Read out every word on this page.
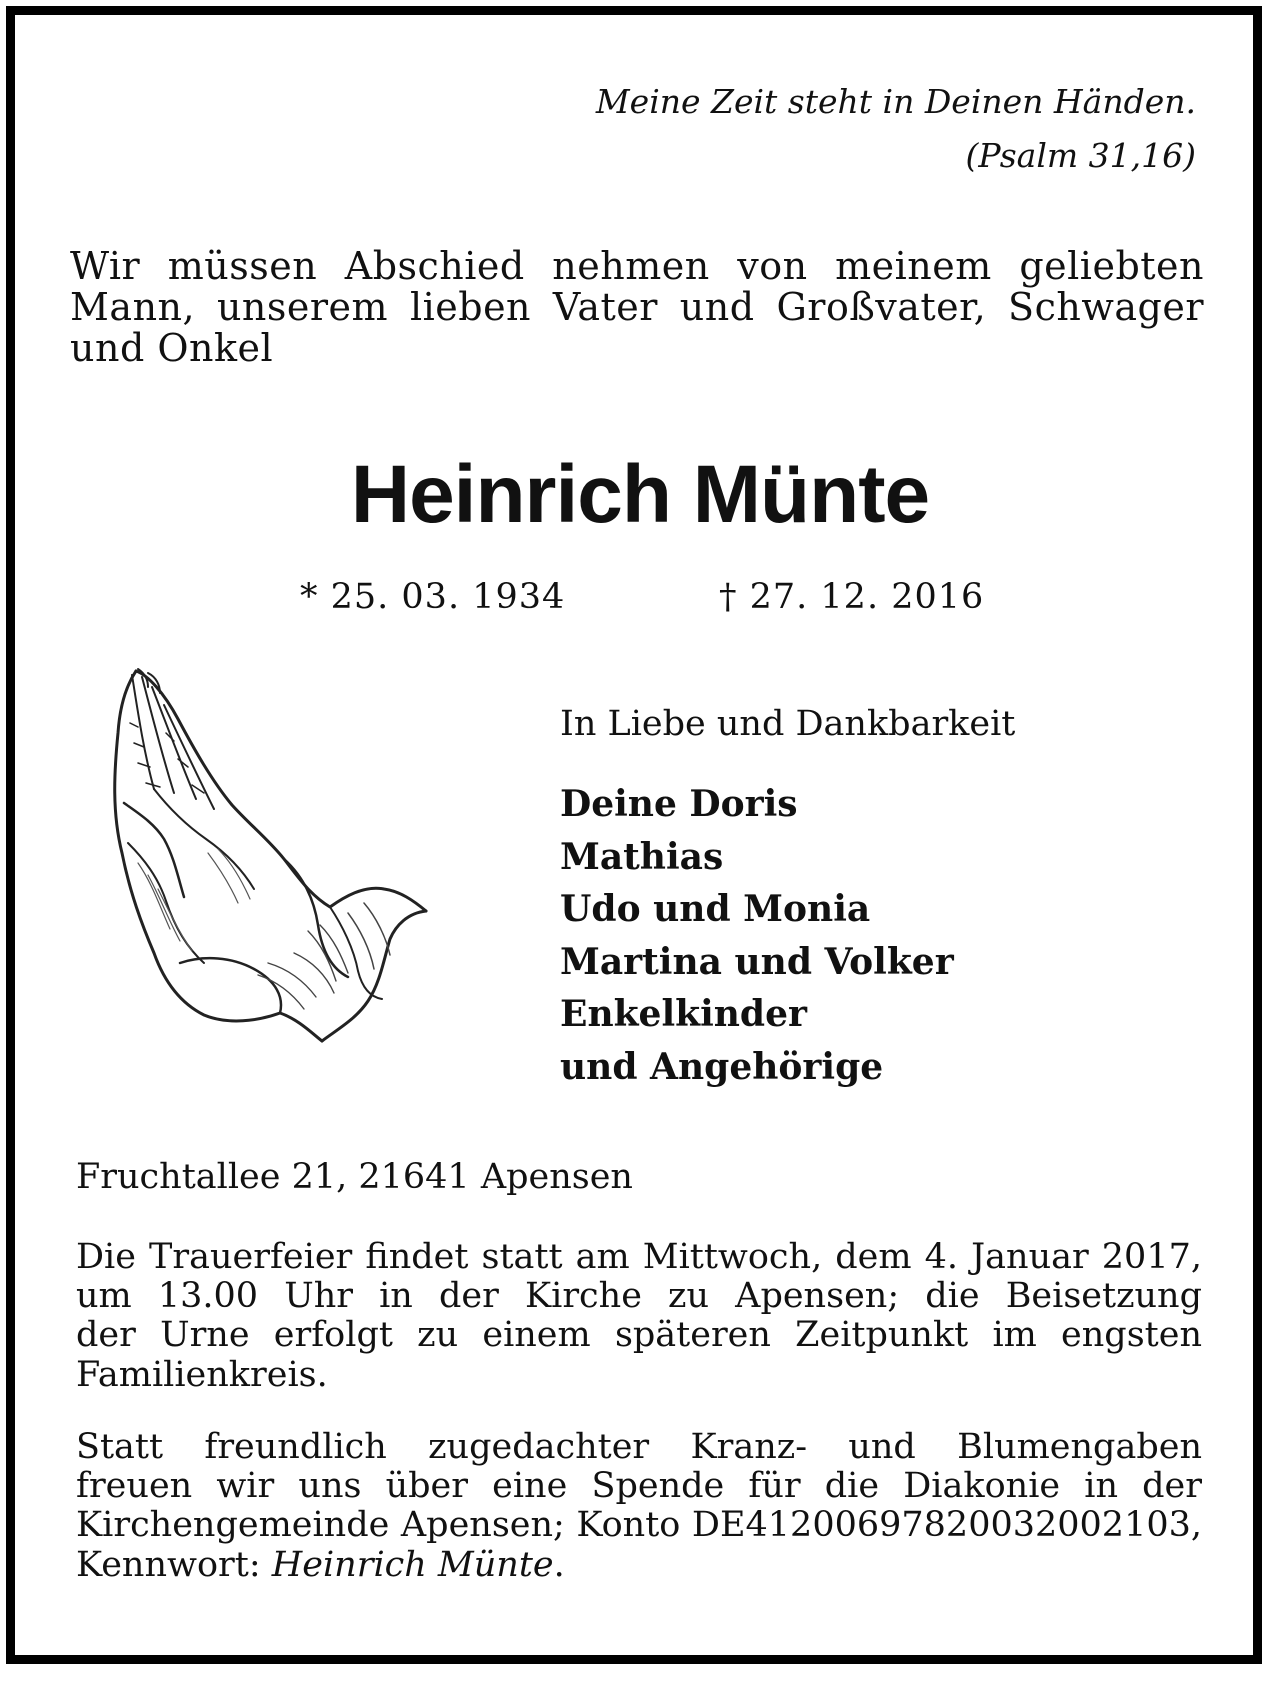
Meine Zeit steht in Deinen Händen.
(Psalm 31,16)
Wir müssen Abschied nehmen von meinem geliebten
Mann, unserem lieben Vater und Großvater, Schwager
und Onkel
Heinrich Münte
* 25. 03. 1934	† 27. 12. 2016
In Liebe und Dankbarkeit
Deine Doris
Mathias
Udo und Monia
Martina und Volker
Enkelkinder
und Angehörige
Fruchtallee 21, 21641 Apensen
Die Trauerfeier findet statt am Mittwoch, dem 4. Januar 2017,
um 13.00 Uhr in der Kirche zu Apensen; die Beisetzung
der Urne erfolgt zu einem späteren Zeitpunkt im engsten
Familienkreis.
Statt freundlich zugedachter Kranz- und Blumengaben
freuen wir uns über eine Spende für die Diakonie in der
Kirchengemeinde Apensen; Konto DE41200697820032002103,
Kennwort: Heinrich Münte.
